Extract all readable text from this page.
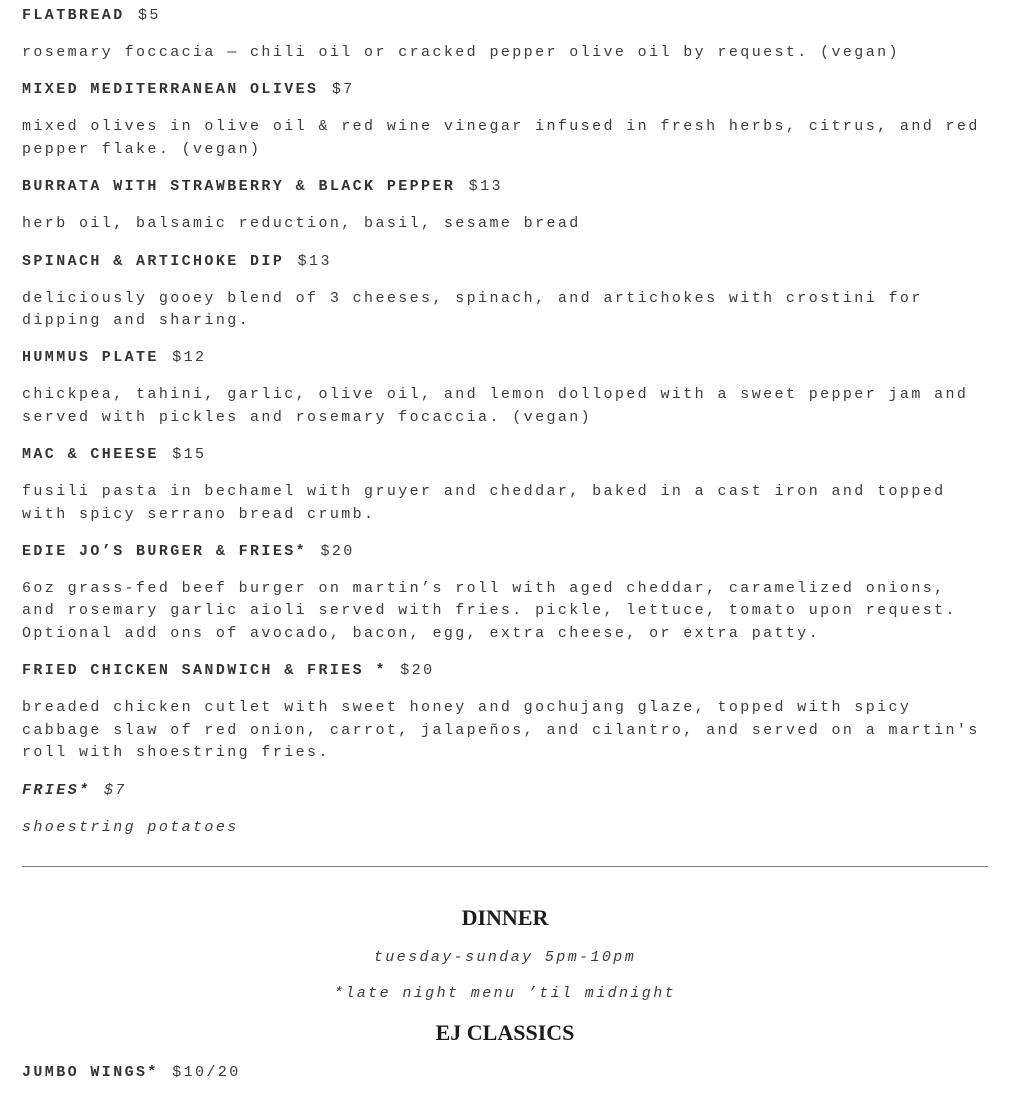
FLATBREAD $5
rosemary foccacia — chili oil or cracked pepper olive oil by request. (vegan)
MIXED MEDITERRANEAN OLIVES $7
mixed olives in olive oil & red wine vinegar infused in fresh herbs, citrus, and red pepper flake. (vegan)
BURRATA WITH STRAWBERRY & BLACK PEPPER $13
herb oil, balsamic reduction, basil, sesame bread
SPINACH & ARTICHOKE DIP $13
deliciously gooey blend of 3 cheeses, spinach, and artichokes with crostini for dipping and sharing.
HUMMUS PLATE $12
chickpea, tahini, garlic, olive oil, and lemon dolloped with a sweet pepper jam and served with pickles and rosemary focaccia. (vegan)
MAC & CHEESE $15
fusili pasta in bechamel with gruyer and cheddar, baked in a cast iron and topped with spicy serrano bread crumb.
EDIE JO’S BURGER & FRIES* $20
6oz grass-fed beef burger on martin’s roll with aged cheddar, caramelized onions, and rosemary garlic aioli served with fries. pickle, lettuce, tomato upon request. Optional add ons of avocado, bacon, egg, extra cheese, or extra patty.
FRIED CHICKEN SANDWICH & FRIES * $20
breaded chicken cutlet with sweet honey and gochujang glaze, topped with spicy cabbage slaw of red onion, carrot, jalapeños, and cilantro, and served on a martin's roll with shoestring fries.
FRIES* $7
shoestring potatoes
DINNER
tuesday-sunday 5pm-10pm
*late night menu ’til midnight
EJ CLASSICS
JUMBO WINGS* $10/20
